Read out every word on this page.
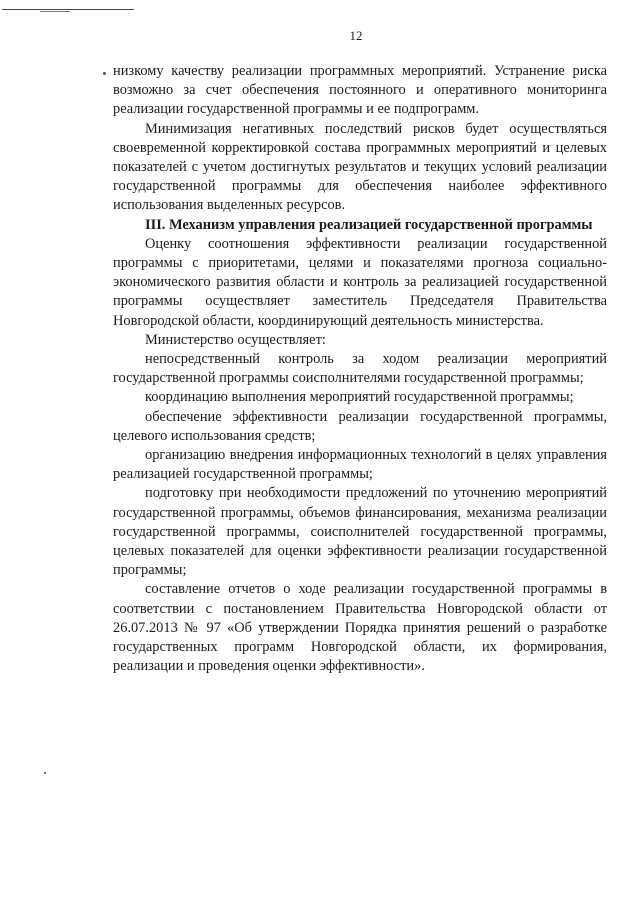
12

низкому качеству реализации программных мероприятий. Устранение риска возможно за счет обеспечения постоянного и оперативного мониторинга реализации государственной программы и ее подпрограмм.

Минимизация негативных последствий рисков будет осуществляться своевременной корректировкой состава программных мероприятий и целевых показателей с учетом достигнутых результатов и текущих условий реализации государственной программы для обеспечения наиболее эффективного использования выделенных ресурсов.

III. Механизм управления реализацией государственной программы

Оценку соотношения эффективности реализации государственной программы с приоритетами, целями и показателями прогноза социально-экономического развития области и контроль за реализацией государственной программы осуществляет заместитель Председателя Правительства Новгородской области, координирующий деятельность министерства.

Министерство осуществляет:

непосредственный контроль за ходом реализации мероприятий государственной программы соисполнителями государственной программы;

координацию выполнения мероприятий государственной программы;

обеспечение эффективности реализации государственной программы, целевого использования средств;

организацию внедрения информационных технологий в целях управления реализацией государственной программы;

подготовку при необходимости предложений по уточнению мероприятий государственной программы, объемов финансирования, механизма реализации государственной программы, соисполнителей государственной программы, целевых показателей для оценки эффективности реализации государственной программы;

составление отчетов о ходе реализации государственной программы в соответствии с постановлением Правительства Новгородской области от 26.07.2013 № 97 «Об утверждении Порядка принятия решений о разработке государственных программ Новгородской области, их формирования, реализации и проведения оценки эффективности».
